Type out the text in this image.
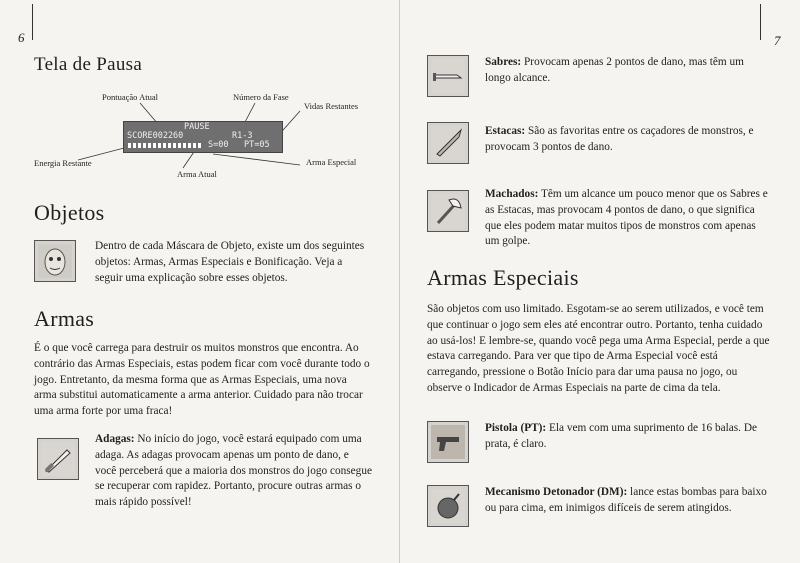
6
Tela de Pausa
Pontuação Atual	Número da Fase
Vidas Restantes
Energia Restante
Arma Atual
Arma Especial
PAUSE
SCORE002260	R1-3
S=00 PT=05
Objetos

Dentro de cada Máscara de Objeto, existe um dos seguintes objetos: Armas, Armas Especiais e Bonificação. Veja a seguir uma explicação sobre esses objetos.

Armas

É o que você carrega para destruir os muitos monstros que encontra. Ao contrário das Armas Especiais, estas podem ficar com você durante todo o jogo. Entretanto, da mesma forma que as Armas Especiais, uma nova arma substitui automaticamente a arma anterior. Cuidado para não trocar uma arma forte por uma fraca!

Adagas: No início do jogo, você estará equipado com uma adaga. As adagas provocam apenas um ponto de dano, e você perceberá que a maioria dos monstros do jogo consegue se recuperar com rapidez. Portanto, procure outras armas o mais rápido possível!

7

Sabres: Provocam apenas 2 pontos de dano, mas têm um longo alcance.

Estacas: São as favoritas entre os caçadores de monstros, e provocam 3 pontos de dano.

Machados: Têm um alcance um pouco menor que os Sabres e as Estacas, mas provocam 4 pontos de dano, o que significa que eles podem matar muitos tipos de monstros com apenas um golpe.

Armas Especiais

São objetos com uso limitado. Esgotam-se ao serem utilizados, e você tem que continuar o jogo sem eles até encontrar outro. Portanto, tenha cuidado ao usá-los! E lembre-se, quando você pega uma Arma Especial, perde a que estava carregando. Para ver que tipo de Arma Especial você está carregando, pressione o Botão Início para dar uma pausa no jogo, ou observe o Indicador de Armas Especiais na parte de cima da tela.

Pistola (PT): Ela vem com uma suprimento de 16 balas. De prata, é claro.

Mecanismo Detonador (DM): lance estas bombas para baixo ou para cima, em inimigos difíceis de serem atingidos.
